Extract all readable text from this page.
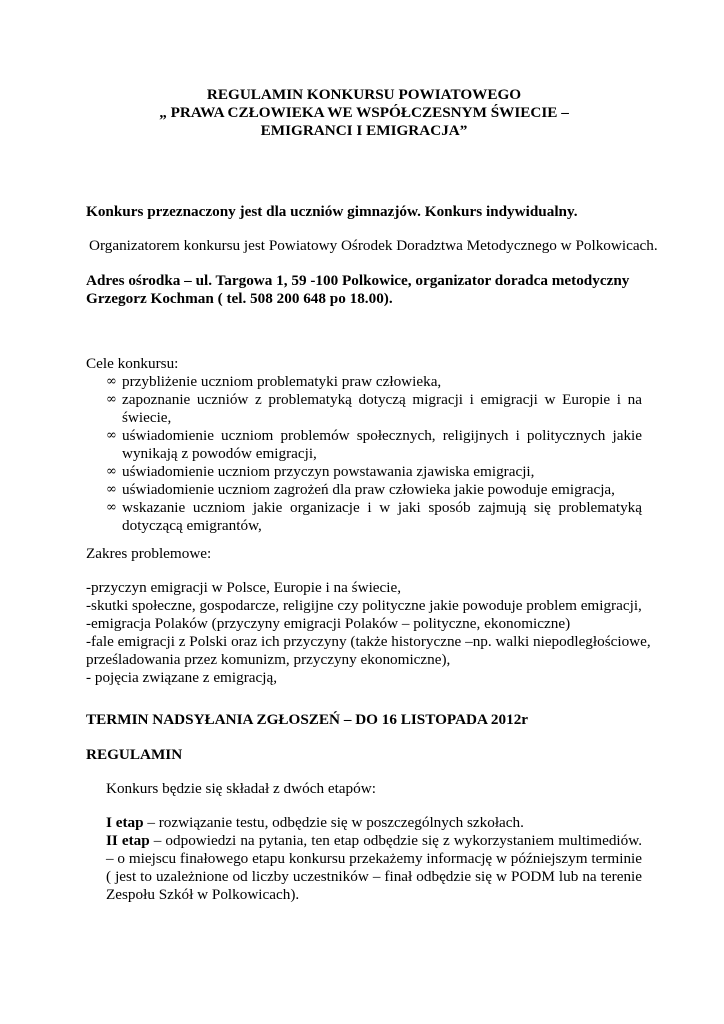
REGULAMIN KONKURSU POWIATOWEGO
„ PRAWA CZŁOWIEKA WE WSPÓŁCZESNYM ŚWIECIE –
EMIGRANCI I EMIGRACJA”
Konkurs przeznaczony jest dla uczniów gimnazjów. Konkurs indywidualny.
Organizatorem konkursu jest Powiatowy Ośrodek Doradztwa Metodycznego w Polkowicach.
Adres ośrodka – ul. Targowa 1, 59 -100 Polkowice, organizator doradca metodyczny
Grzegorz Kochman ( tel. 508 200 648 po 18.00).
Cele konkursu:
∞ przybliżenie uczniom problematyki praw człowieka,
∞ zapoznanie uczniów z problematyką dotyczą migracji i emigracji w Europie i na świecie,
∞ uświadomienie uczniom problemów społecznych, religijnych i politycznych jakie wynikają z powodów emigracji,
∞ uświadomienie uczniom przyczyn powstawania zjawiska emigracji,
∞ uświadomienie uczniom zagrożeń dla praw człowieka jakie powoduje emigracja,
∞ wskazanie uczniom jakie organizacje i w jaki sposób zajmują się problematyką dotyczącą emigrantów,
Zakres problemowe:
-przyczyn emigracji w Polsce, Europie i na świecie,
-skutki społeczne, gospodarcze, religijne czy polityczne jakie powoduje problem emigracji,
-emigracja Polaków (przyczyny emigracji Polaków – polityczne, ekonomiczne)
-fale emigracji z Polski oraz ich przyczyny (także historyczne –np. walki niepodległościowe,
prześladowania przez komunizm, przyczyny ekonomiczne),
- pojęcia związane z emigracją,
TERMIN NADSYŁANIA ZGŁOSZEŃ – DO 16 LISTOPADA 2012r
REGULAMIN
Konkurs będzie się składał z dwóch etapów:
I etap – rozwiązanie testu, odbędzie się w poszczególnych szkołach.
II etap – odpowiedzi na pytania, ten etap odbędzie się z wykorzystaniem multimediów. – o miejscu finałowego etapu konkursu przekażemy informację w późniejszym terminie ( jest to uzależnione od liczby uczestników – finał odbędzie się w PODM lub na terenie Zespołu Szkół w Polkowicach).
